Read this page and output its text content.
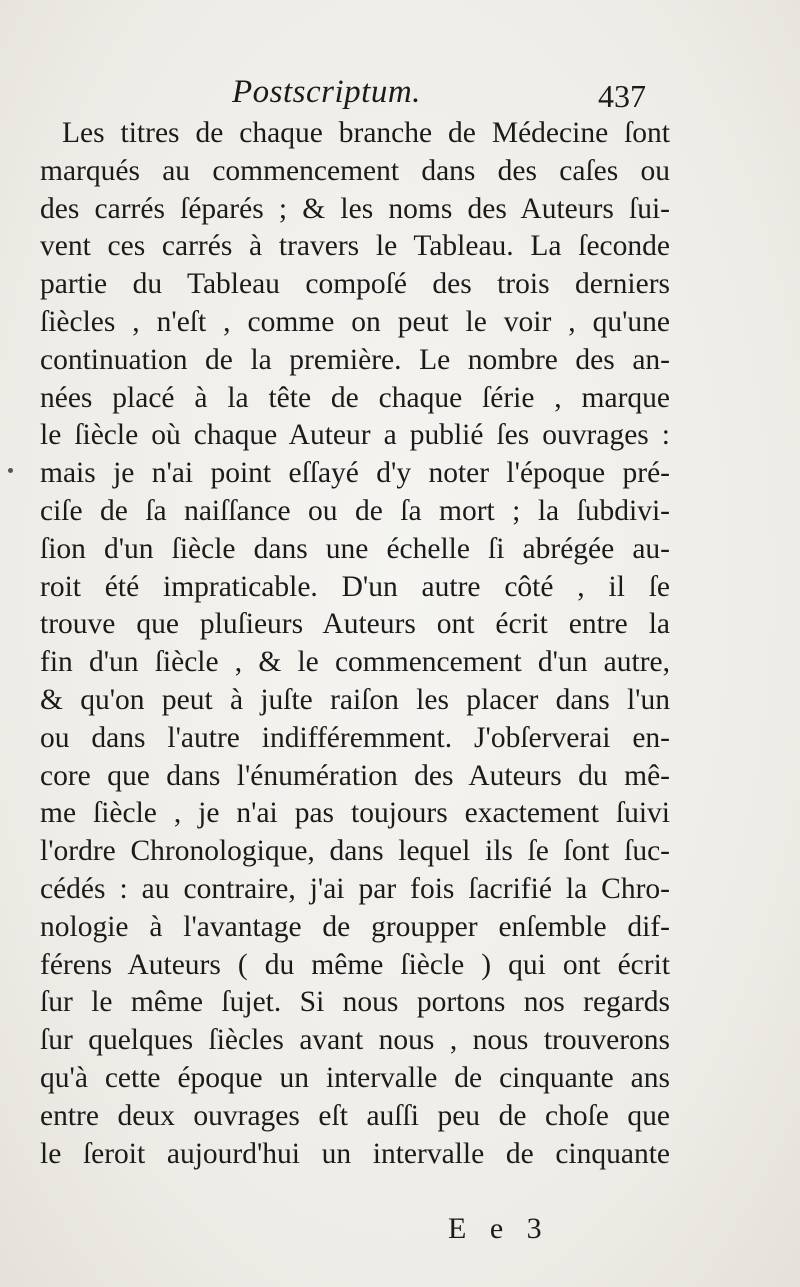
Postscriptum.	437
Les titres de chaque branche de Médecine ſont
marqués au commencement dans des caſes ou
des carrés ſéparés ; & les noms des Auteurs ſui-
vent ces carrés à travers le Tableau. La ſeconde
partie du Tableau compoſé des trois derniers
ſiècles , n'eſt , comme on peut le voir , qu'une
continuation de la première. Le nombre des an-
nées placé à la tête de chaque ſérie , marque
le ſiècle où chaque Auteur a publié ſes ouvrages :
mais je n'ai point eſſayé d'y noter l'époque pré-
ciſe de ſa naiſſance ou de ſa mort ; la ſubdivi-
ſion d'un ſiècle dans une échelle ſi abrégée au-
roit été impraticable. D'un autre côté , il ſe
trouve que pluſieurs Auteurs ont écrit entre la
fin d'un ſiècle , & le commencement d'un autre,
& qu'on peut à juſte raiſon les placer dans l'un
ou dans l'autre indifféremment. J'obſerverai en-
core que dans l'énumération des Auteurs du mê-
me ſiècle , je n'ai pas toujours exactement ſuivi
l'ordre Chronologique, dans lequel ils ſe ſont ſuc-
cédés : au contraire, j'ai par fois ſacrifié la Chro-
nologie à l'avantage de groupper enſemble dif-
férens Auteurs ( du même ſiècle ) qui ont écrit
ſur le même ſujet. Si nous portons nos regards
ſur quelques ſiècles avant nous , nous trouverons
qu'à cette époque un intervalle de cinquante ans
entre deux ouvrages eſt auſſi peu de choſe que
le ſeroit aujourd'hui un intervalle de cinquante
E e 3
